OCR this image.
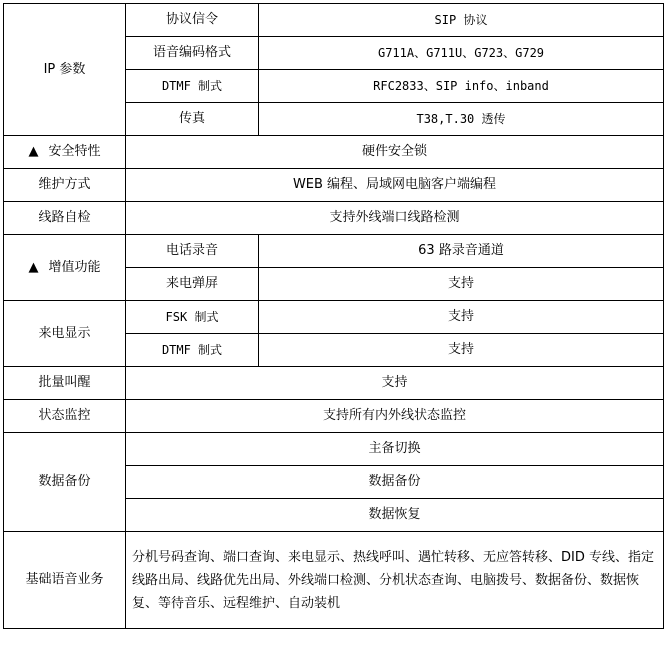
IP 参数	协议信令	SIP 协议
	语音编码格式	G711A、G711U、G723、G729
	DTMF 制式	RFC2833、SIP info、inband
	传真	T38,T.30 透传
▲ 安全特性	硬件安全锁	
维护方式	WEB 编程、局域网电脑客户端编程	
线路自检	支持外线端口线路检测	
▲ 增值功能	电话录音	63 路录音通道
	来电弹屏	支持
来电显示	FSK 制式	支持
	DTMF 制式	支持
批量叫醒	支持	
状态监控	支持所有内外线状态监控	
数据备份	主备切换	
	数据备份	
	数据恢复	
基础语音业务	分机号码查询、端口查询、来电显示、热线呼叫、遇忙转移、无应答转移、DID 专线、指定线路出局、线路优先出局、外线端口检测、分机状态查询、电脑拨号、数据备份、数据恢复、等待音乐、远程维护、自动装机	
